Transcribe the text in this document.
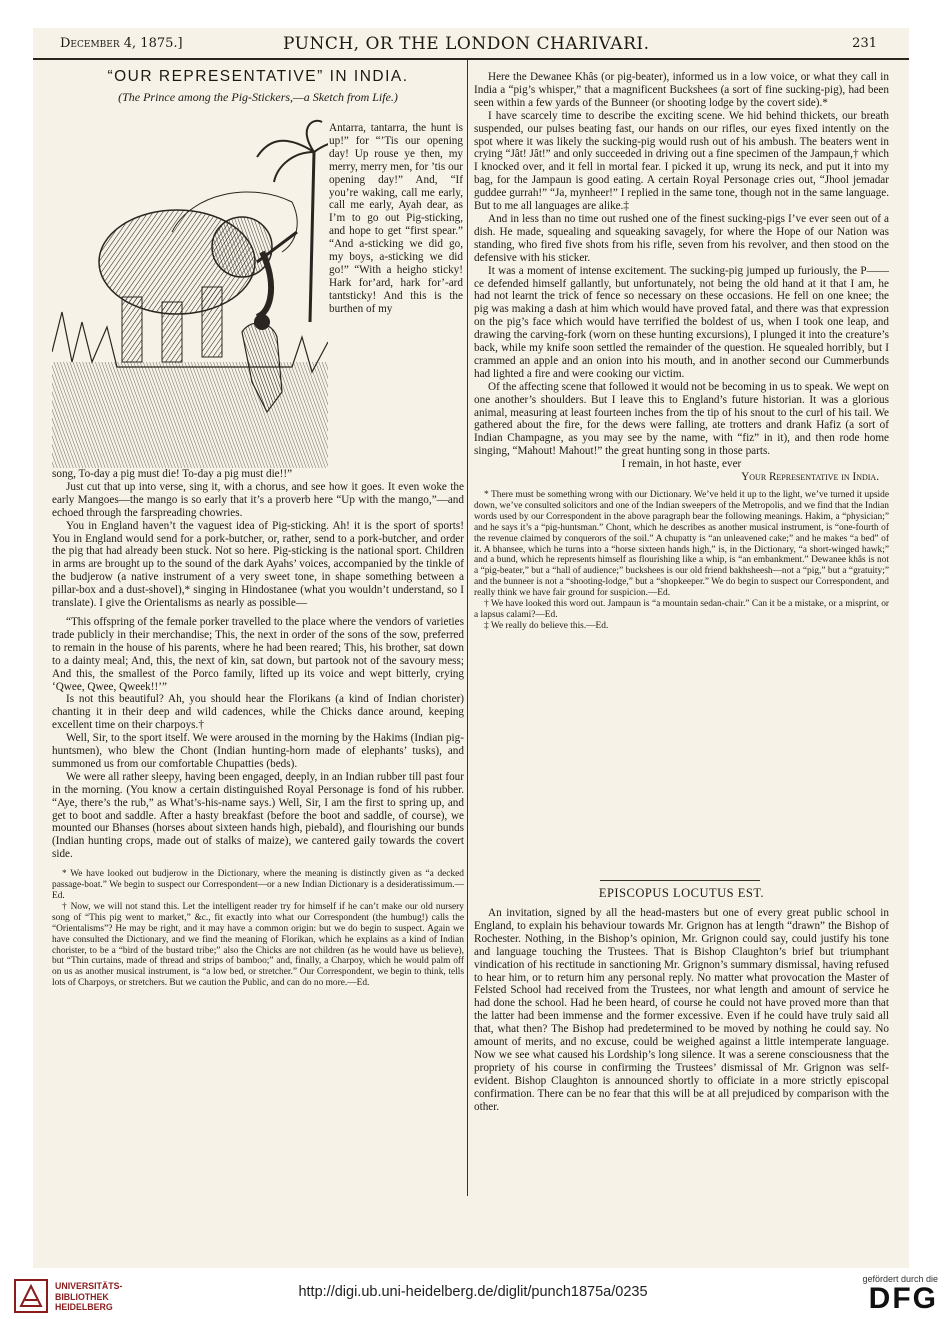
December 4, 1875.]	PUNCH, OR THE LONDON CHARIVARI.	231
“OUR REPRESENTATIVE” IN INDIA.
(The Prince among the Pig-Stickers,—a Sketch from Life.)
Antarra, tantarra, the hunt is up!” for “’Tis our opening day! Up rouse ye then, my merry, merry men, for ’tis our opening day!” And, “If you’re waking, call me early, call me early, Ayah dear, as I’m to go out Pig-sticking, and hope to get “first spear.” “And a-sticking we did go, my boys, a-sticking we did go!” “With a heigho sticky! Hark for’ard, hark for’-ard tantsticky! And this is the burthen of my

song, To-day a pig must die! To-day a pig must die!!”

Just cut that up into verse, sing it, with a chorus, and see how it goes. It even woke the early Mangoes—the mango is so early that it’s a proverb here “Up with the mango,”—and echoed through the farspreading chowries.

You in England haven’t the vaguest idea of Pig-sticking. Ah! it is the sport of sports! You in England would send for a pork-butcher, or, rather, send to a pork-butcher, and order the pig that had already been stuck. Not so here. Pig-sticking is the national sport. Children in arms are brought up to the sound of the dark Ayahs’ voices, accompanied by the tinkle of the budjerow (a native instrument of a very sweet tone, in shape something between a pillar-box and a dust-shovel),* singing in Hindostanee (what you wouldn’t understand, so I translate). I give the Orientalisms as nearly as possible—

“This offspring of the female porker travelled to the place where the vendors of varieties trade publicly in their merchandise; This, the next in order of the sons of the sow, preferred to remain in the house of his parents, where he had been reared; This, his brother, sat down to a dainty meal; And, this, the next of kin, sat down, but partook not of the savoury mess; And this, the smallest of the Porco family, lifted up its voice and wept bitterly, crying ‘Qwee, Qwee, Qweek!!’”

Is not this beautiful? Ah, you should hear the Florikans (a kind of Indian chorister) chanting it in their deep and wild cadences, while the Chicks dance around, keeping excellent time on their charpoys.†

Well, Sir, to the sport itself. We were aroused in the morning by the Hakims (Indian pig-huntsmen), who blew the Chont (Indian hunting-horn made of elephants’ tusks), and summoned us from our comfortable Chupatties (beds).

We were all rather sleepy, having been engaged, deeply, in an Indian rubber till past four in the morning. (You know a certain distinguished Royal Personage is fond of his rubber. “Aye, there’s the rub,” as What’s-his-name says.) Well, Sir, I am the first to spring up, and get to boot and saddle. After a hasty breakfast (before the boot and saddle, of course), we mounted our Bhanses (horses about sixteen hands high, piebald), and flourishing our bunds (Indian hunting crops, made out of stalks of maize), we cantered gaily towards the covert side.

* We have looked out budjerow in the Dictionary, where the meaning is distinctly given as “a decked passage-boat.” We begin to suspect our Correspondent—or a new Indian Dictionary is a desideratissimum.—Ed.

† Now, we will not stand this. Let the intelligent reader try for himself if he can’t make our old nursery song of “This pig went to market,” &c., fit exactly into what our Correspondent (the humbug!) calls the “Orientalisms”? He may be right, and it may have a common origin: but we do begin to suspect. Again we have consulted the Dictionary, and we find the meaning of Florikan, which he explains as a kind of Indian chorister, to be a “bird of the bustard tribe;” also the Chicks are not children (as he would have us believe), but “Thin curtains, made of thread and strips of bamboo;” and, finally, a Charpoy, which he would palm off on us as another musical instrument, is “a low bed, or stretcher.” Our Correspondent, we begin to think, tells lots of Charpoys, or stretchers. But we caution the Public, and can do no more.—Ed.

Here the Dewanee Khâs (or pig-beater), informed us in a low voice, or what they call in India a “pig’s whisper,” that a magnificent Buckshees (a sort of fine sucking-pig), had been seen within a few yards of the Bunneer (or shooting lodge by the covert side).*

I have scarcely time to describe the exciting scene. We hid behind thickets, our breath suspended, our pulses beating fast, our hands on our rifles, our eyes fixed intently on the spot where it was likely the sucking-pig would rush out of his ambush. The beaters went in crying “Jât! Jât!” and only succeeded in driving out a fine specimen of the Jampaun,† which I knocked over, and it fell in mortal fear. I picked it up, wrung its neck, and put it into my bag, for the Jampaun is good eating. A certain Royal Personage cries out, “Jhool jemadar guddee gurrah!” “Ja, mynheer!” I replied in the same tone, though not in the same language. But to me all languages are alike.‡

And in less than no time out rushed one of the finest sucking-pigs I’ve ever seen out of a dish. He made, squealing and squeaking savagely, for where the Hope of our Nation was standing, who fired five shots from his rifle, seven from his revolver, and then stood on the defensive with his sticker.

It was a moment of intense excitement. The sucking-pig jumped up furiously, the P——ce defended himself gallantly, but unfortunately, not being the old hand at it that I am, he had not learnt the trick of fence so necessary on these occasions. He fell on one knee; the pig was making a dash at him which would have proved fatal, and there was that expression on the pig’s face which would have terrified the boldest of us, when I took one leap, and drawing the carving-fork (worn on these hunting excursions), I plunged it into the creature’s back, while my knife soon settled the remainder of the question. He squealed horribly, but I crammed an apple and an onion into his mouth, and in another second our Cummerbunds had lighted a fire and were cooking our victim.

Of the affecting scene that followed it would not be becoming in us to speak. We wept on one another’s shoulders. But I leave this to England’s future historian. It was a glorious animal, measuring at least fourteen inches from the tip of his snout to the curl of his tail. We gathered about the fire, for the dews were falling, ate trotters and drank Hafiz (a sort of Indian Champagne, as you may see by the name, with “fiz” in it), and then rode home singing, “Mahout! Mahout!” the great hunting song in those parts.

I remain, in hot haste, ever

Your Representative in India.

* There must be something wrong with our Dictionary. We’ve held it up to the light, we’ve turned it upside down, we’ve consulted solicitors and one of the Indian sweepers of the Metropolis, and we find that the Indian words used by our Correspondent in the above paragraph bear the following meanings. Hakim, a “physician;” and he says it’s a “pig-huntsman.” Chont, which he describes as another musical instrument, is “one-fourth of the revenue claimed by conquerors of the soil.” A chupatty is “an unleavened cake;” and he makes “a bed” of it. A bhansee, which he turns into a “horse sixteen hands high,” is, in the Dictionary, “a short-winged hawk;” and a bund, which he represents himself as flourishing like a whip, is “an embankment.” Dewanee khâs is not a “pig-beater,” but a “hall of audience;” buckshees is our old friend bakhsheesh—not a “pig,” but a “gratuity;” and the bunneer is not a “shooting-lodge,” but a “shopkeeper.” We do begin to suspect our Correspondent, and really think we have fair ground for suspicion.—Ed.

† We have looked this word out. Jampaun is “a mountain sedan-chair.” Can it be a mistake, or a misprint, or a lapsus calami?—Ed.

‡ We really do believe this.—Ed.

EPISCOPUS LOCUTUS EST.

An invitation, signed by all the head-masters but one of every great public school in England, to explain his behaviour towards Mr. Grignon has at length “drawn” the Bishop of Rochester. Nothing, in the Bishop’s opinion, Mr. Grignon could say, could justify his tone and language touching the Trustees. That is Bishop Claughton’s brief but triumphant vindication of his rectitude in sanctioning Mr. Grignon’s summary dismissal, having refused to hear him, or to return him any personal reply. No matter what provocation the Master of Felsted School had received from the Trustees, nor what length and amount of service he had done the school. Had he been heard, of course he could not have proved more than that the latter had been immense and the former excessive. Even if he could have truly said all that, what then? The Bishop had predetermined to be moved by nothing he could say. No amount of merits, and no excuse, could be weighed against a little intemperate language. Now we see what caused his Lordship’s long silence. It was a serene consciousness that the propriety of his course in confirming the Trustees’ dismissal of Mr. Grignon was self-evident. Bishop Claughton is announced shortly to officiate in a more strictly episcopal confirmation. There can be no fear that this will be at all prejudiced by comparison with the other.

UNIVERSITÄTS-
BIBLIOTHEK
HEIDELBERG
http://digi.ub.uni-heidelberg.de/diglit/punch1875a/0235
gefördert durch die
DFG
